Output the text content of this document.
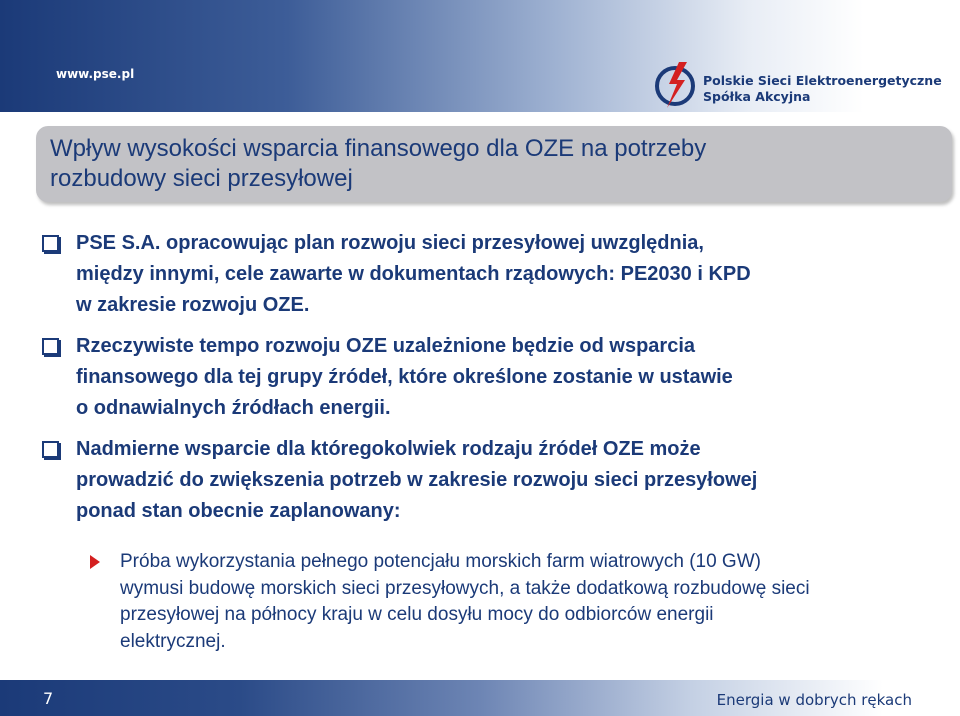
www.pse.pl	Polskie Sieci Elektroenergetyczne
Spółka Akcyjna
Wpływ wysokości wsparcia finansowego dla OZE na potrzeby
rozbudowy sieci przesyłowej
PSE S.A. opracowując plan rozwoju sieci przesyłowej uwzględnia,
między innymi, cele zawarte w dokumentach rządowych: PE2030 i KPD
w zakresie rozwoju OZE.
Rzeczywiste tempo rozwoju OZE uzależnione będzie od wsparcia
finansowego dla tej grupy źródeł, które określone zostanie w ustawie
o odnawialnych źródłach energii.
Nadmierne wsparcie dla któregokolwiek rodzaju źródeł OZE może
prowadzić do zwiększenia potrzeb w zakresie rozwoju sieci przesyłowej
ponad stan obecnie zaplanowany:
Próba wykorzystania pełnego potencjału morskich farm wiatrowych (10 GW)
wymusi budowę morskich sieci przesyłowych, a także dodatkową rozbudowę sieci
przesyłowej na północy kraju w celu dosyłu mocy do odbiorców energii
elektrycznej.
7	Energia w dobrych rękach
